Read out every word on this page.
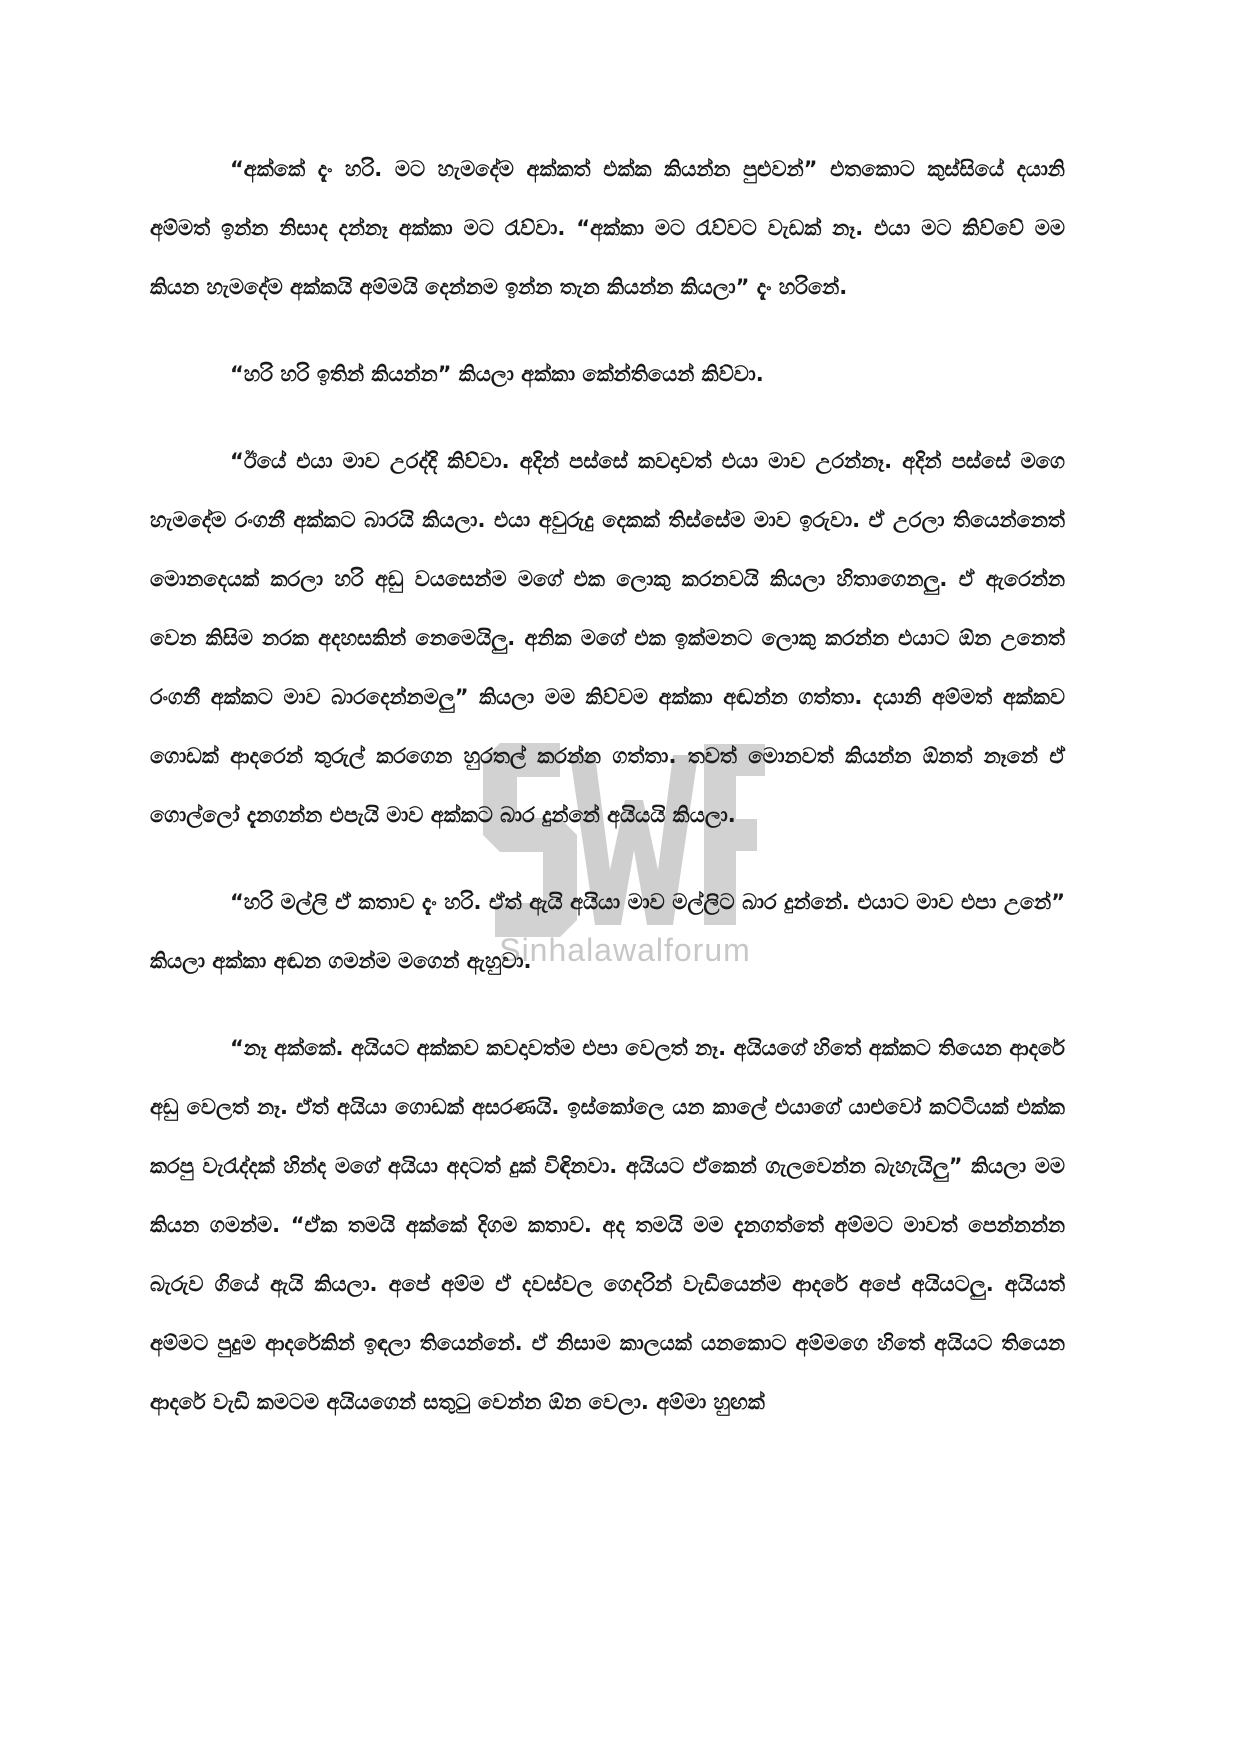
Sinhalawalforum

“අක්කේ දැං හරි. මට හැමදේම අක්කත් එක්ක කියන්න පුළුවන්” එතකොට කුස්සියේ දයානි අම්මත් ඉන්න නිසාද දන්නෑ අක්කා මට රැව්වා. “අක්කා මට රැව්වට වැඩක් නෑ. එයා මට කිව්වේ මම කියන හැමදේම අක්කයි අම්මයි දෙන්නම ඉන්න තැන කියන්න කියලා” දැං හරිනේ.

“හරි හරි ඉතින් කියන්න” කියලා අක්කා කේන්තියෙන් කිව්වා.

“ඊයේ එයා මාව උරද්දි කිව්වා. අදින් පස්සේ කවදාවත් එයා මාව උරන්නෑ. අදින් පස්සේ මගෙ හැමදේම රංගනී අක්කට බාරයි කියලා. එයා අවුරුදු දෙකක් තිස්සේම මාව ඉරුවා. ඒ උරලා තියෙන්නෙත් මොනදෙයක් කරලා හරි අඩු වයසෙන්ම මගේ එක ලොකු කරනවයි කියලා හිතාගෙනලු. ඒ ඇරෙන්න වෙන කිසිම නරක අදහසකින් නෙමෙයිලු. අනික මගේ එක ඉක්මනට ලොකු කරන්න එයාට ඕන උනෙත් රංගනී අක්කට මාව බාරදෙන්නමලු” කියලා මම කිව්වම අක්කා අඬන්න ගත්තා. දයානි අම්මත් අක්කව ගොඩක් ආදරෙන් තුරුල් කරගෙන හුරතල් කරන්න ගත්තා. තවත් මොනවත් කියන්න ඕනත් නෑනේ ඒ ගොල්ලෝ දැනගන්න එපැයි මාව අක්කට බාර දුන්නේ අයියයි කියලා.

“හරි මල්ලි ඒ කතාව දැං හරි. ඒත් ඇයි අයියා මාව මල්ලිට බාර දුන්නේ. එයාට මාව එපා උනේ” කියලා අක්කා අඬන ගමන්ම මගෙන් ඇහුවා.

“නෑ අක්කේ. අයියට අක්කව කවදාවත්ම එපා වෙලත් නෑ. අයියගේ හිතේ අක්කට තියෙන ආදරේ අඩු වෙලත් නෑ. ඒත් අයියා ගොඩක් අසරණයි. ඉස්කෝලෙ යන කාලේ එයාගේ යාළුවෝ කට්ටියක් එක්ක කරපු වැරැද්දක් හින්ද මගේ අයියා අදටත් දුක් විඳිනවා. අයියට ඒකෙන් ගැලවෙන්න බැහැයිලු” කියලා මම කියන ගමන්ම. “ඒක තමයි අක්කේ දිගම කතාව. අද තමයි මම දැනගත්තේ අම්මට මාවත් පෙන්නන්න බැරුව ගියේ ඇයි කියලා. අපේ අම්ම ඒ දවස්වල ගෙදරින් වැඩියෙන්ම ආදරේ අපේ අයියටලු. අයියත් අම්මට පුදුම ආදරේකින් ඉඳලා තියෙන්නේ. ඒ නිසාම කාලයක් යනකොට අම්මගෙ හිතේ අයියට තියෙන ආදරේ වැඩි කමටම අයියගෙන් සතුටු වෙන්න ඕන වෙලා. අම්මා හුඟක්
